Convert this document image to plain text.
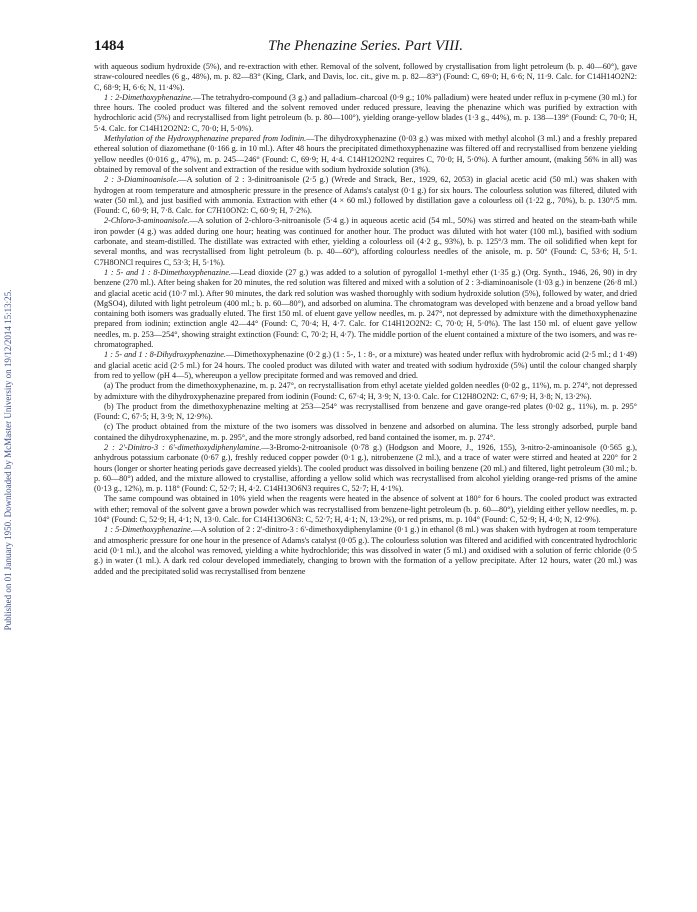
Published on 01 January 1950. Downloaded by McMaster University on 19/12/2014 15:13:25.
1484	The Phenazine Series. Part VIII.

with aqueous sodium hydroxide (5%), and re-extraction with ether. Removal of the solvent, followed by crystallisation from light petroleum (b. p. 40—60°), gave straw-coloured needles (6 g., 48%), m. p. 82—83° (King, Clark, and Davis, loc. cit., give m. p. 82—83°) (Found: C, 69·0; H, 6·6; N, 11·9. Calc. for C14H14O2N2: C, 68·9; H, 6·6; N, 11·4%).

1 : 2-Dimethoxyphenazine.—The tetrahydro-compound (3 g.) and palladium–charcoal (0·9 g.; 10% palladium) were heated under reflux in p-cymene (30 ml.) for three hours. The cooled product was filtered and the solvent removed under reduced pressure, leaving the phenazine which was purified by extraction with hydrochloric acid (5%) and recrystallised from light petroleum (b. p. 80—100°), yielding orange-yellow blades (1·3 g., 44%), m. p. 138—139° (Found: C, 70·0; H, 5·4. Calc. for C14H12O2N2: C, 70·0; H, 5·0%).

Methylation of the Hydroxyphenazine prepared from Iodinin.—The dihydroxyphenazine (0·03 g.) was mixed with methyl alcohol (3 ml.) and a freshly prepared ethereal solution of diazomethane (0·166 g. in 10 ml.). After 48 hours the precipitated dimethoxyphenazine was filtered off and recrystallised from benzene yielding yellow needles (0·016 g., 47%), m. p. 245—246° (Found: C, 69·9; H, 4·4. C14H12O2N2 requires C, 70·0; H, 5·0%). A further amount, (making 56% in all) was obtained by removal of the solvent and extraction of the residue with sodium hydroxide solution (3%).

2 : 3-Diaminoanisole.—A solution of 2 : 3-dinitroanisole (2·5 g.) (Wrede and Strack, Ber., 1929, 62, 2053) in glacial acetic acid (50 ml.) was shaken with hydrogen at room temperature and atmospheric pressure in the presence of Adams's catalyst (0·1 g.) for six hours. The colourless solution was filtered, diluted with water (50 ml.), and just basified with ammonia. Extraction with ether (4 × 60 ml.) followed by distillation gave a colourless oil (1·22 g., 70%), b. p. 130°/5 mm. (Found: C, 60·9; H, 7·8. Calc. for C7H10ON2: C, 60·9; H, 7·2%).

2-Chloro-3-aminoanisole.—A solution of 2-chloro-3-nitroanisole (5·4 g.) in aqueous acetic acid (54 ml., 50%) was stirred and heated on the steam-bath while iron powder (4 g.) was added during one hour; heating was continued for another hour. The product was diluted with hot water (100 ml.), basified with sodium carbonate, and steam-distilled. The distillate was extracted with ether, yielding a colourless oil (4·2 g., 93%), b. p. 125°/3 mm. The oil solidified when kept for several months, and was recrystallised from light petroleum (b. p. 40—60°), affording colourless needles of the anisole, m. p. 50° (Found: C, 53·6; H, 5·1. C7H8ONCl requires C, 53·3; H, 5·1%).

1 : 5- and 1 : 8-Dimethoxyphenazine.—Lead dioxide (27 g.) was added to a solution of pyrogallol 1-methyl ether (1·35 g.) (Org. Synth., 1946, 26, 90) in dry benzene (270 ml.). After being shaken for 20 minutes, the red solution was filtered and mixed with a solution of 2 : 3-diaminoanisole (1·03 g.) in benzene (26·8 ml.) and glacial acetic acid (10·7 ml.). After 90 minutes, the dark red solution was washed thoroughly with sodium hydroxide solution (5%), followed by water, and dried (MgSO4), diluted with light petroleum (400 ml.; b. p. 60—80°), and adsorbed on alumina. The chromatogram was developed with benzene and a broad yellow band containing both isomers was gradually eluted. The first 150 ml. of eluent gave yellow needles, m. p. 247°, not depressed by admixture with the dimethoxyphenazine prepared from iodinin; extinction angle 42—44° (Found: C, 70·4; H, 4·7. Calc. for C14H12O2N2: C, 70·0; H, 5·0%). The last 150 ml. of eluent gave yellow needles, m. p. 253—254°, showing straight extinction (Found: C, 70·2; H, 4·7). The middle portion of the eluent contained a mixture of the two isomers, and was re-chromatographed.

1 : 5- and 1 : 8-Dihydroxyphenazine.—Dimethoxyphenazine (0·2 g.) (1 : 5-, 1 : 8-, or a mixture) was heated under reflux with hydrobromic acid (2·5 ml.; d 1·49) and glacial acetic acid (2·5 ml.) for 24 hours. The cooled product was diluted with water and treated with sodium hydroxide (5%) until the colour changed sharply from red to yellow (pH 4—5), whereupon a yellow precipitate formed and was removed and dried.

(a) The product from the dimethoxyphenazine, m. p. 247°, on recrystallisation from ethyl acetate yielded golden needles (0·02 g., 11%), m. p. 274°, not depressed by admixture with the dihydroxyphenazine prepared from iodinin (Found: C, 67·4; H, 3·9; N, 13·0. Calc. for C12H8O2N2: C, 67·9; H, 3·8; N, 13·2%).

(b) The product from the dimethoxyphenazine melting at 253—254° was recrystallised from benzene and gave orange-red plates (0·02 g., 11%), m. p. 295° (Found: C, 67·5; H, 3·9; N, 12·9%).

(c) The product obtained from the mixture of the two isomers was dissolved in benzene and adsorbed on alumina. The less strongly adsorbed, purple band contained the dihydroxyphenazine, m. p. 295°, and the more strongly adsorbed, red band contained the isomer, m. p. 274°.

2 : 2'-Dinitro-3 : 6'-dimethoxydiphenylamine.—3-Bromo-2-nitroanisole (0·78 g.) (Hodgson and Moore, J., 1926, 155), 3-nitro-2-aminoanisole (0·565 g.), anhydrous potassium carbonate (0·67 g.), freshly reduced copper powder (0·1 g.), nitrobenzene (2 ml.), and a trace of water were stirred and heated at 220° for 2 hours (longer or shorter heating periods gave decreased yields). The cooled product was dissolved in boiling benzene (20 ml.) and filtered, light petroleum (30 ml.; b. p. 60—80°) added, and the mixture allowed to crystallise, affording a yellow solid which was recrystallised from alcohol yielding orange-red prisms of the amine (0·13 g., 12%), m. p. 118° (Found: C, 52·7; H, 4·2. C14H13O6N3 requires C, 52·7; H, 4·1%).

The same compound was obtained in 10% yield when the reagents were heated in the absence of solvent at 180° for 6 hours. The cooled product was extracted with ether; removal of the solvent gave a brown powder which was recrystallised from benzene-light petroleum (b. p. 60—80°), yielding either yellow needles, m. p. 104° (Found: C, 52·9; H, 4·1; N, 13·0. Calc. for C14H13O6N3: C, 52·7; H, 4·1; N, 13·2%), or red prisms, m. p. 104° (Found: C, 52·9; H, 4·0; N, 12·9%).

1 : 5-Dimethoxyphenazine.—A solution of 2 : 2'-dinitro-3 : 6'-dimethoxydiphenylamine (0·1 g.) in ethanol (8 ml.) was shaken with hydrogen at room temperature and atmospheric pressure for one hour in the presence of Adams's catalyst (0·05 g.). The colourless solution was filtered and acidified with concentrated hydrochloric acid (0·1 ml.), and the alcohol was removed, yielding a white hydrochloride; this was dissolved in water (5 ml.) and oxidised with a solution of ferric chloride (0·5 g.) in water (1 ml.). A dark red colour developed immediately, changing to brown with the formation of a yellow precipitate. After 12 hours, water (20 ml.) was added and the precipitated solid was recrystallised from benzene
